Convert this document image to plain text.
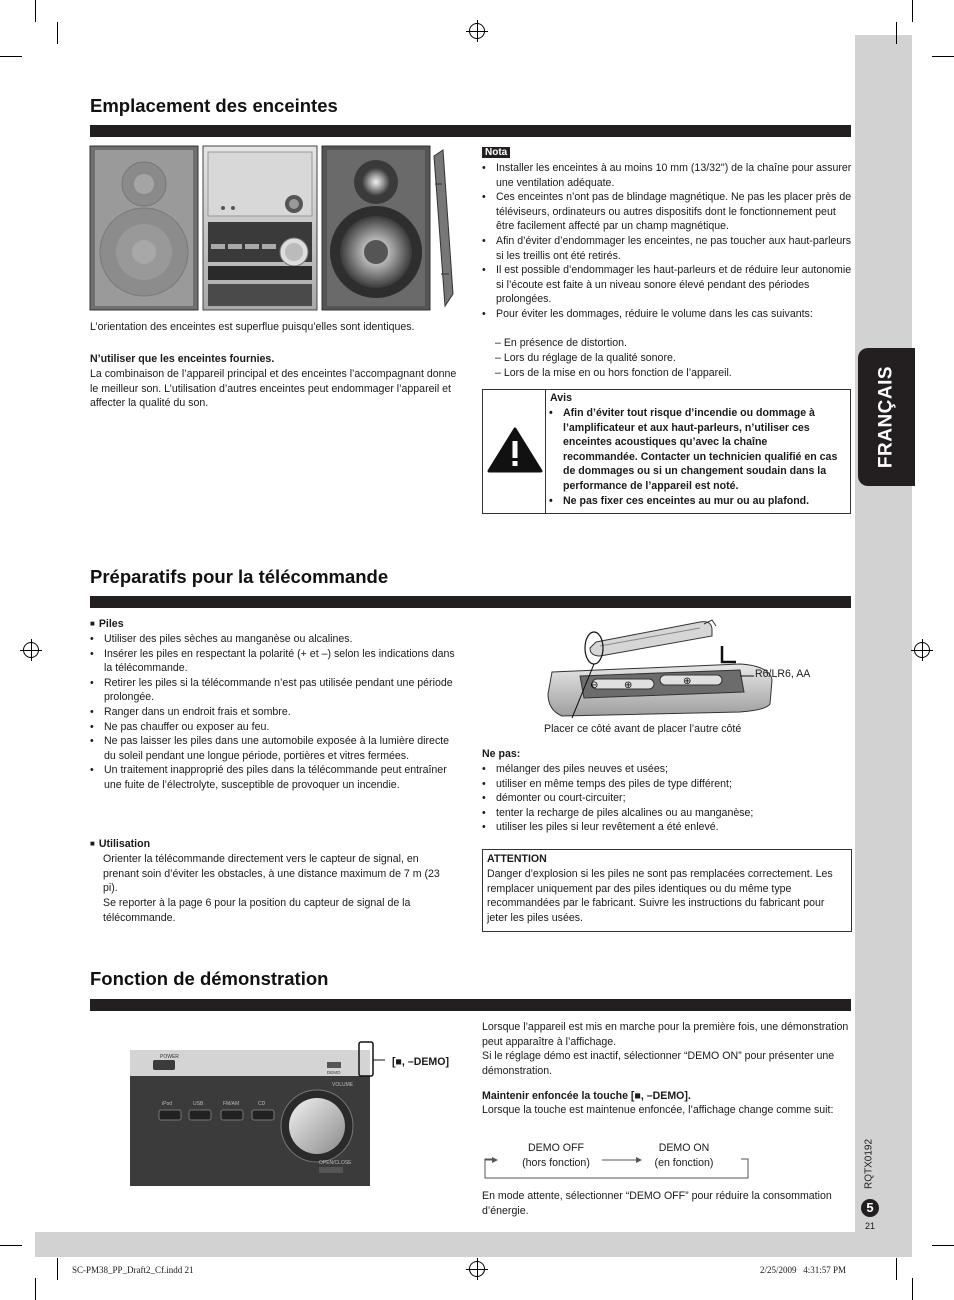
FRANÇAIS
Emplacement des enceintes

L’orientation des enceintes est superflue puisqu’elles sont identiques.

N’utiliser que les enceintes fournies.

La combinaison de l’appareil principal et des enceintes l’accompagnant donne le meilleur son. L’utilisation d’autres enceintes peut endommager l’appareil et affecter la qualité du son.

Nota

• Installer les enceintes à au moins 10 mm (13/32") de la chaîne pour assurer une ventilation adéquate.
• Ces enceintes n’ont pas de blindage magnétique. Ne pas les placer près de téléviseurs, ordinateurs ou autres dispositifs dont le fonctionnement peut être facilement affecté par un champ magnétique.
• Afin d’éviter d’endommager les enceintes, ne pas toucher aux haut-parleurs si les treillis ont été retirés.
• Il est possible d’endommager les haut-parleurs et de réduire leur autonomie si l’écoute est faite à un niveau sonore élevé pendant des périodes prolongées.
• Pour éviter les dommages, réduire le volume dans les cas suivants:

– En présence de distortion.

– Lors du réglage de la qualité sonore.

– Lors de la mise en ou hors fonction de l’appareil.

Avis

• Afin d’éviter tout risque d’incendie ou dommage à l’amplificateur et aux haut-parleurs, n’utiliser ces enceintes acoustiques qu’avec la chaîne recommandée. Contacter un technicien qualifié en cas de dommages ou si un changement soudain dans la performance de l’appareil est noté.
• Ne pas fixer ces enceintes au mur ou au plafond.
Préparatifs pour la télécommande

■ Piles

• Utiliser des piles sèches au manganèse ou alcalines.
• Insérer les piles en respectant la polarité (+ et –) selon les indications dans la télécommande.
• Retirer les piles si la télécommande n’est pas utilisée pendant une période prolongée.
• Ranger dans un endroit frais et sombre.
• Ne pas chauffer ou exposer au feu.
• Ne pas laisser les piles dans une automobile exposée à la lumière directe du soleil pendant une longue période, portières et vitres fermées.
• Un traitement inapproprié des piles dans la télécommande peut entraîner une fuite de l’électrolyte, susceptible de provoquer un incendie.

■ Utilisation

Orienter la télécommande directement vers le capteur de signal, en prenant soin d’éviter les obstacles, à une distance maximum de 7 m (23 pi).

Se reporter à la page 6 pour la position du capteur de signal de la télécommande.

⊖	⊕	⊕

R6/LR6, AA

Placer ce côté avant de placer l’autre côté

Ne pas:

• mélanger des piles neuves et usées;
• utiliser en même temps des piles de type différent;
• démonter ou court-circuiter;
• tenter la recharge de piles alcalines ou au manganèse;
• utiliser les piles si leur revêtement a été enlevé.

ATTENTION

Danger d’explosion si les piles ne sont pas remplacées correctement. Les remplacer uniquement par des piles identiques ou du même type recommandées par le fabricant. Suivre les instructions du fabricant pour jeter les piles usées.

Fonction de démonstration
POWER
iPod	USB	FM/AM	CD
VOLUME
OPEN/CLOSE
DEMO

[■, –DEMO]

Lorsque l’appareil est mis en marche pour la première fois, une démonstration peut apparaître à l’affichage.

Si le réglage démo est inactif, sélectionner “DEMO ON” pour présenter une démonstration.

Maintenir enfoncée la touche [■, –DEMO].

Lorsque la touche est maintenue enfoncée, l’affichage change comme suit:

DEMO OFF

(hors fonction)

DEMO ON

(en fonction)

En mode attente, sélectionner “DEMO OFF” pour réduire la consommation d’énergie.

RQTX0192
5

21

SC-PM38_PP_Draft2_Cf.indd 21	2/25/2009   4:31:57 PM
